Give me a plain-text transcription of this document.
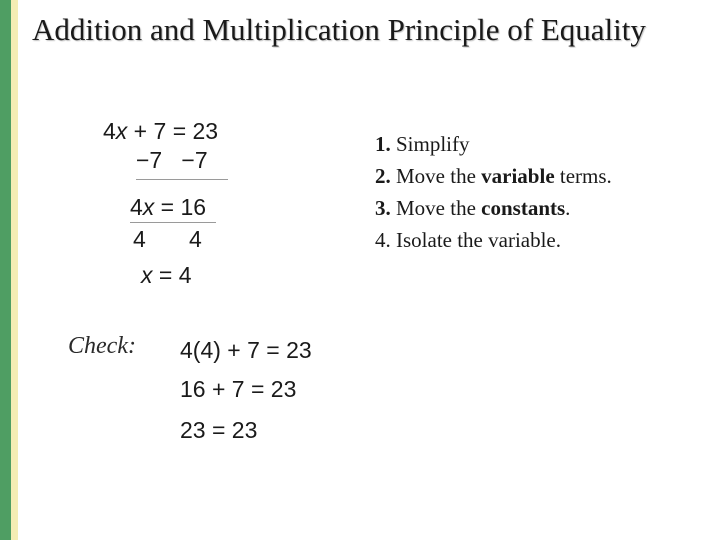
Addition and Multiplication Principle of Equality
4x + 7 = 23
−7   −7
4x = 16
4 4
x = 4
1. Simplify
2. Move the variable terms.
3. Move the constants.
4. Isolate the variable.
Check: 4(4) + 7 = 23
16 + 7 = 23
23 = 23
